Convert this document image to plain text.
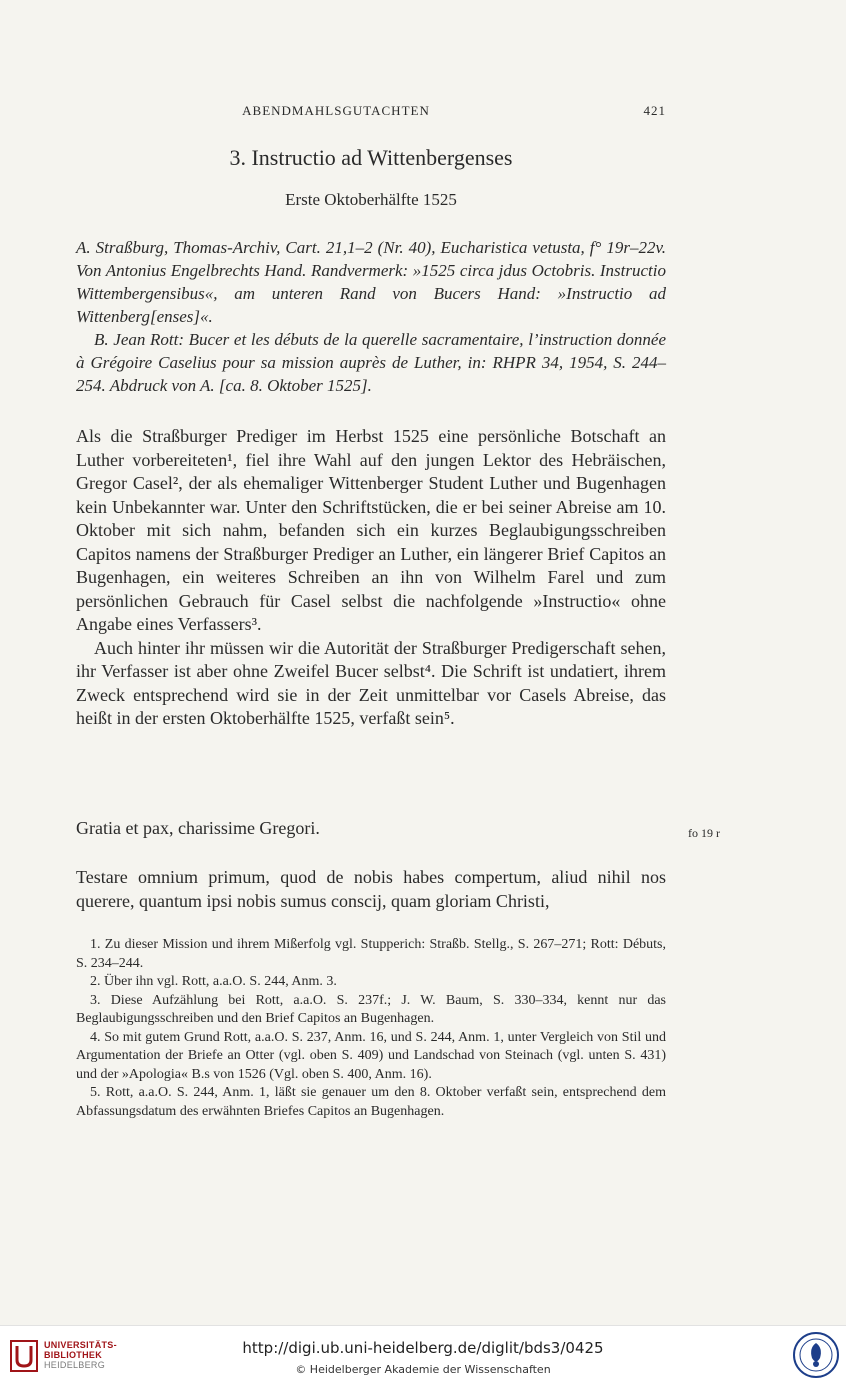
ABENDMAHLSGUTACHTEN	421
3. Instructio ad Wittenbergenses
Erste Oktoberhälfte 1525

A. Straßburg, Thomas-Archiv, Cart. 21,1–2 (Nr. 40), Eucharistica vetusta, f° 19r–22v. Von Antonius Engelbrechts Hand. Randvermerk: »1525 circa jdus Octobris. Instructio Wittembergensibus«, am unteren Rand von Bucers Hand: »Instructio ad Wittenberg[enses]«.

B. Jean Rott: Bucer et les débuts de la querelle sacramentaire, l’instruction donnée à Grégoire Caselius pour sa mission auprès de Luther, in: RHPR 34, 1954, S. 244–254. Abdruck von A. [ca. 8. Oktober 1525].

Als die Straßburger Prediger im Herbst 1525 eine persönliche Botschaft an Luther vorbereiteten¹, fiel ihre Wahl auf den jungen Lektor des Hebräischen, Gregor Casel², der als ehemaliger Wittenberger Student Luther und Bugenhagen kein Unbekannter war. Unter den Schriftstücken, die er bei seiner Abreise am 10. Oktober mit sich nahm, befanden sich ein kurzes Beglaubigungsschreiben Capitos namens der Straßburger Prediger an Luther, ein längerer Brief Capitos an Bugenhagen, ein weiteres Schreiben an ihn von Wilhelm Farel und zum persönlichen Gebrauch für Casel selbst die nachfolgende »Instructio« ohne Angabe eines Verfassers³.

Auch hinter ihr müssen wir die Autorität der Straßburger Predigerschaft sehen, ihr Verfasser ist aber ohne Zweifel Bucer selbst⁴. Die Schrift ist undatiert, ihrem Zweck entsprechend wird sie in der Zeit unmittelbar vor Casels Abreise, das heißt in der ersten Oktoberhälfte 1525, verfaßt sein⁵.

Gratia et pax, charissime Gregori.	fo 19 r

Testare omnium primum, quod de nobis habes compertum, aliud nihil nos querere, quantum ipsi nobis sumus conscij, quam gloriam Christi,

1. Zu dieser Mission und ihrem Mißerfolg vgl. Stupperich: Straßb. Stellg., S. 267–271; Rott: Débuts, S. 234–244.

2. Über ihn vgl. Rott, a.a.O. S. 244, Anm. 3.

3. Diese Aufzählung bei Rott, a.a.O. S. 237f.; J. W. Baum, S. 330–334, kennt nur das Beglaubigungsschreiben und den Brief Capitos an Bugenhagen.

4. So mit gutem Grund Rott, a.a.O. S. 237, Anm. 16, und S. 244, Anm. 1, unter Vergleich von Stil und Argumentation der Briefe an Otter (vgl. oben S. 409) und Landschad von Steinach (vgl. unten S. 431) und der »Apologia« B.s von 1526 (Vgl. oben S. 400, Anm. 16).

5. Rott, a.a.O. S. 244, Anm. 1, läßt sie genauer um den 8. Oktober verfaßt sein, entsprechend dem Abfassungsdatum des erwähnten Briefes Capitos an Bugenhagen.

UNIVERSITÄTS-
BIBLIOTHEK
HEIDELBERG
http://digi.ub.uni-heidelberg.de/diglit/bds3/0425
© Heidelberger Akademie der Wissenschaften
